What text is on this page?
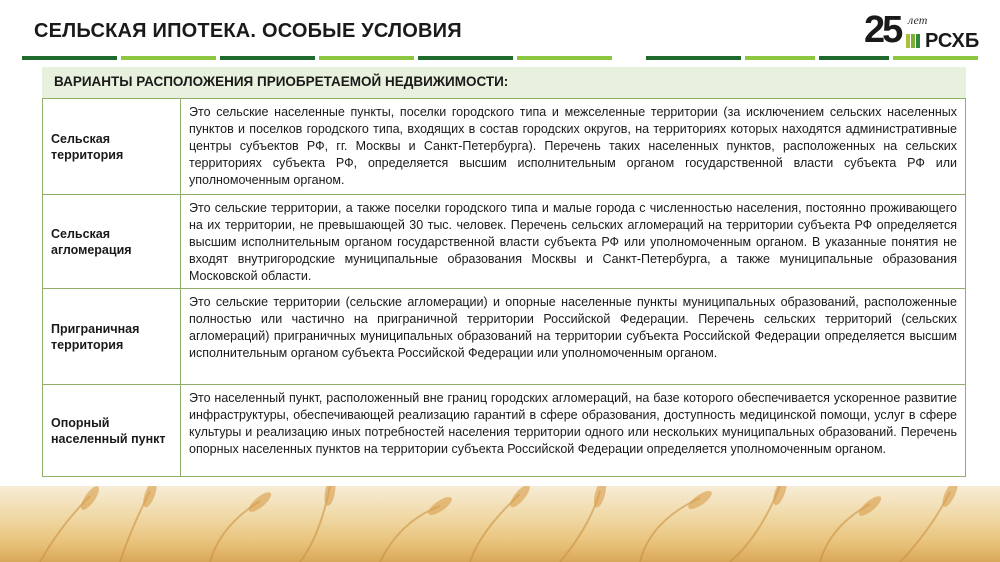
СЕЛЬСКАЯ ИПОТЕКА. ОСОБЫЕ УСЛОВИЯ	25 лет
РСХБ
ВАРИАНТЫ РАСПОЛОЖЕНИЯ ПРИОБРЕТАЕМОЙ НЕДВИЖИМОСТИ:
Сельская территория
Это сельские населенные пункты, поселки городского типа и межселенные территории (за исключением сельских населенных пунктов и поселков городского типа, входящих в состав городских округов, на территориях которых находятся административные центры субъектов РФ, гг. Москвы и Санкт-Петербурга). Перечень таких населенных пунктов, расположенных на сельских территориях субъекта РФ, определяется высшим исполнительным органом государственной власти субъекта РФ или уполномоченным органом.
Сельская агломерация
Это сельские территории, а также поселки городского типа и малые города с численностью населения, постоянно проживающего на их территории, не превышающей 30 тыс. человек. Перечень сельских агломераций на территории субъекта РФ определяется высшим исполнительным органом государственной власти субъекта РФ или уполномоченным органом. В указанные понятия не входят внутригородские муниципальные образования Москвы и Санкт-Петербурга, а также муниципальные образования Московской области.
Приграничная территория
Это сельские территории (сельские агломерации) и опорные населенные пункты муниципальных образований, расположенные полностью или частично на приграничной территории Российской Федерации. Перечень сельских территорий (сельских агломераций) приграничных муниципальных образований на территории субъекта Российской Федерации определяется высшим исполнительным органом субъекта Российской Федерации или уполномоченным органом.
Опорный населенный пункт
Это населенный пункт, расположенный вне границ городских агломераций, на базе которого обеспечивается ускоренное развитие инфраструктуры, обеспечивающей реализацию гарантий в сфере образования, доступность медицинской помощи, услуг в сфере культуры и реализацию иных потребностей населения территории одного или нескольких муниципальных образований. Перечень опорных населенных пунктов на территории субъекта Российской Федерации определяется уполномоченным органом.
